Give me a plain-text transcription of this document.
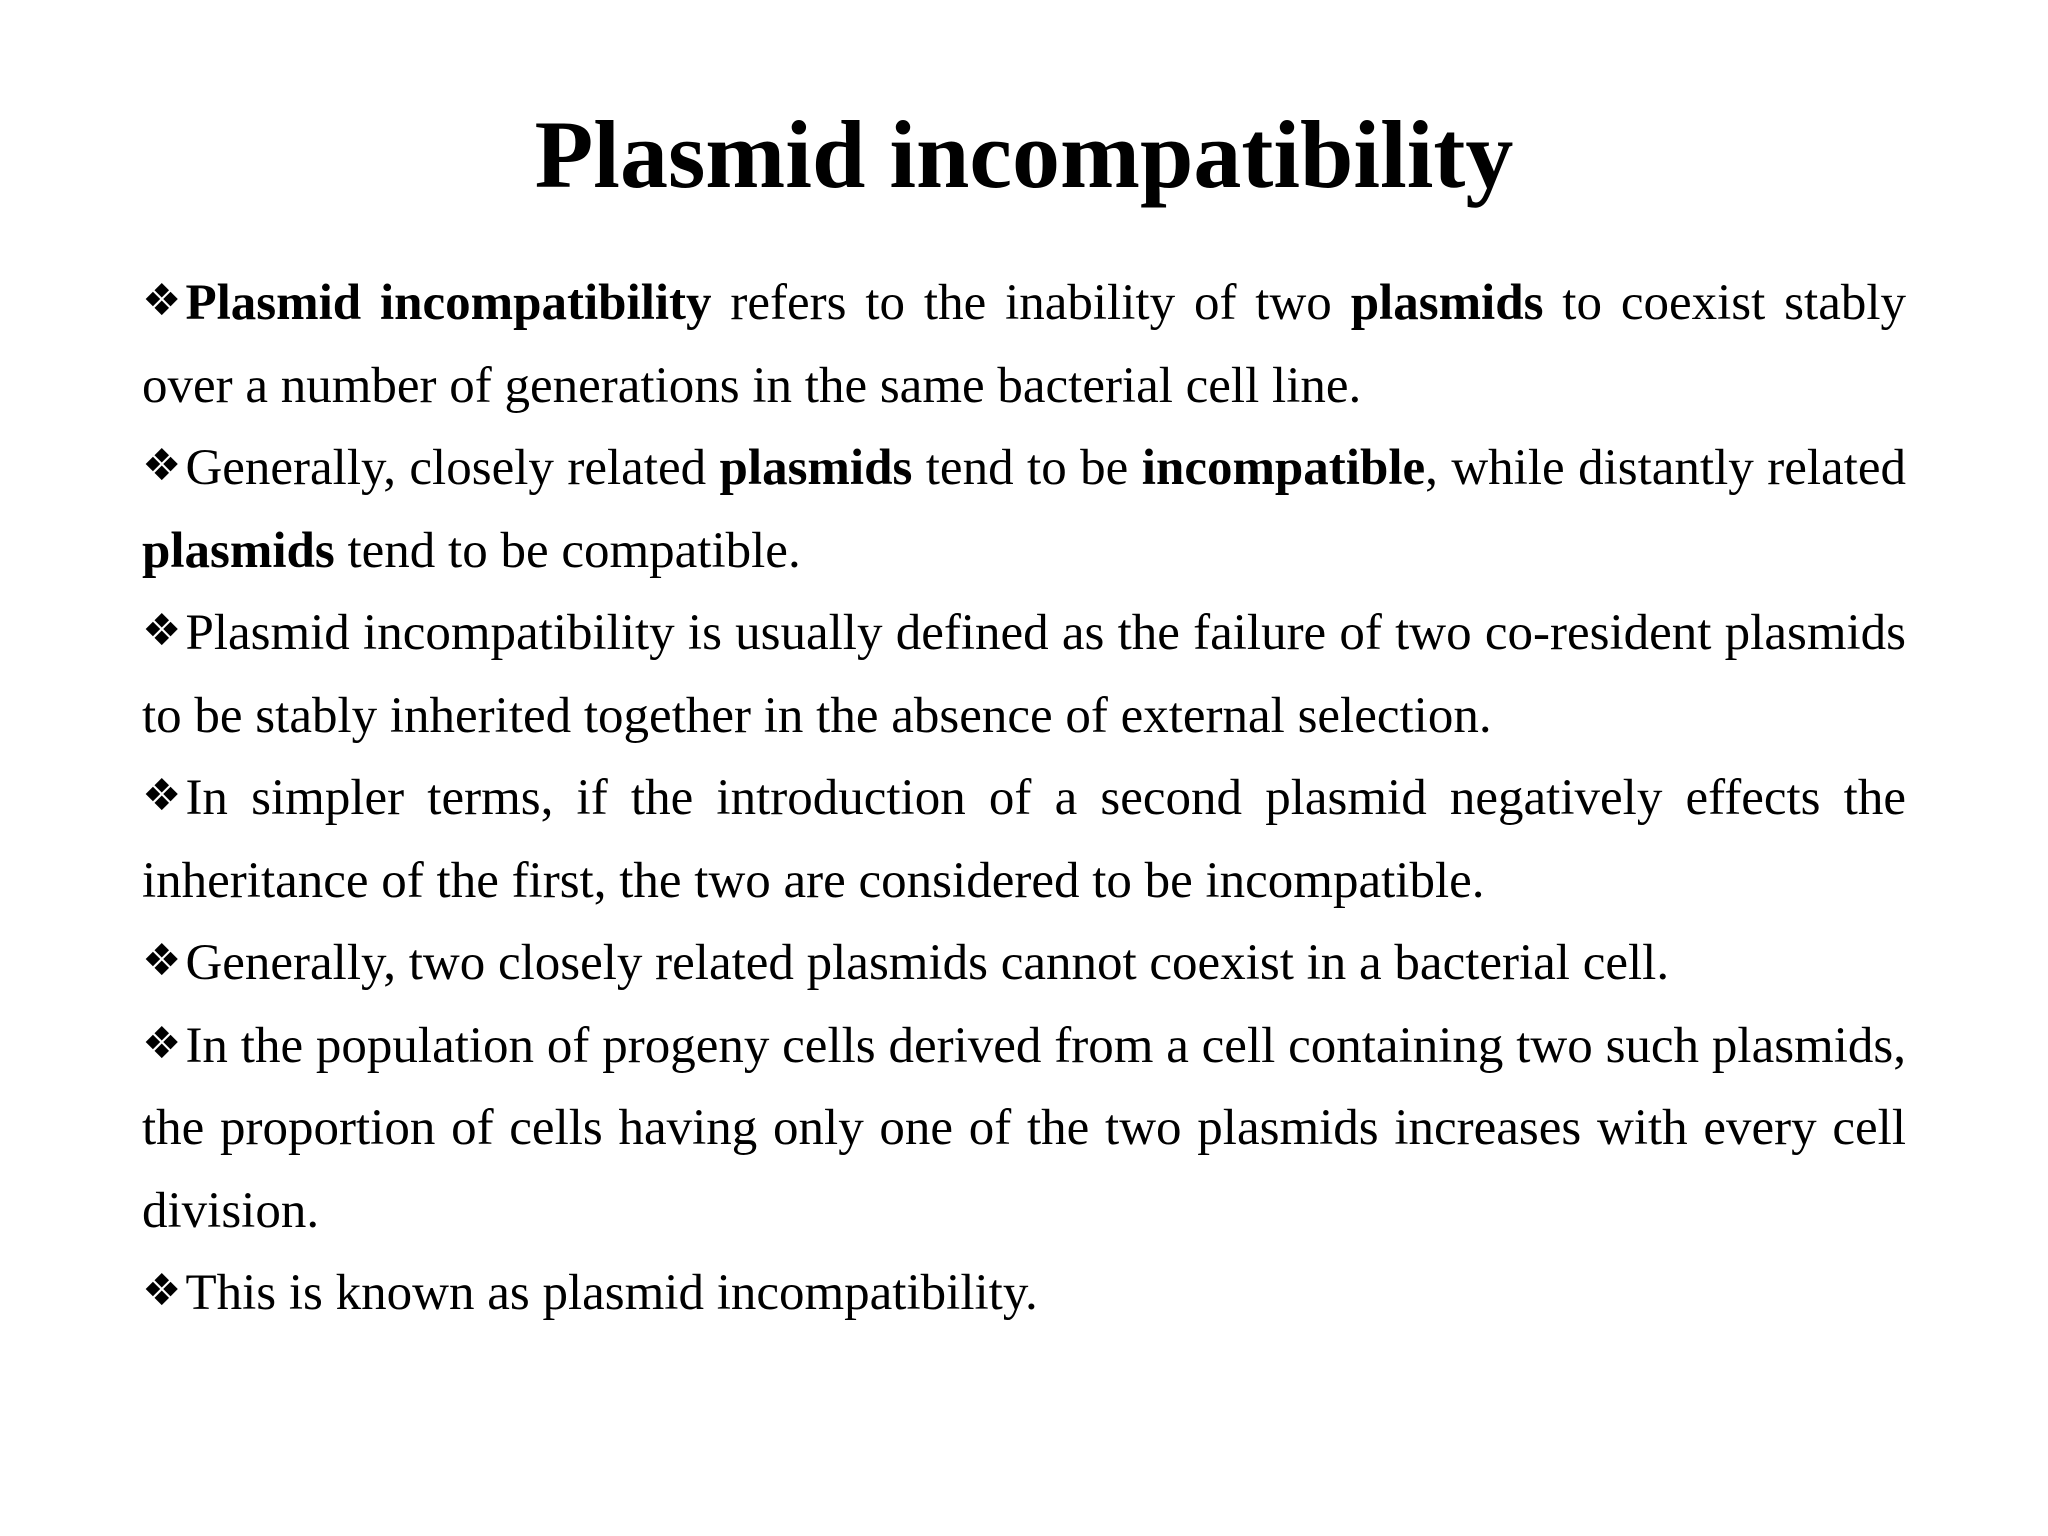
Plasmid incompatibility

❖Plasmid incompatibility refers to the inability of two plasmids to coexist stably over a number of generations in the same bacterial cell line.

❖Generally, closely related plasmids tend to be incompatible, while distantly related plasmids tend to be compatible.

❖Plasmid incompatibility is usually defined as the failure of two co-resident plasmids to be stably inherited together in the absence of external selection.

❖In simpler terms, if the introduction of a second plasmid negatively effects the inheritance of the first, the two are considered to be incompatible.

❖Generally, two closely related plasmids cannot coexist in a bacterial cell.

❖In the population of progeny cells derived from a cell containing two such plasmids, the proportion of cells having only one of the two plasmids increases with every cell division.

❖This is known as plasmid incompatibility.
